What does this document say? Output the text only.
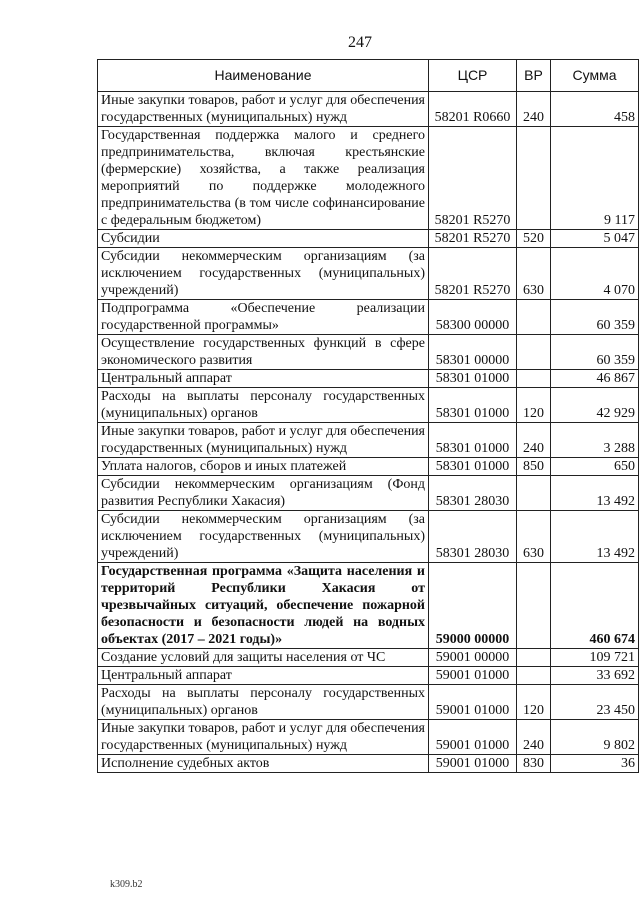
247
Наименование	ЦСР	ВР	Сумма
Иные закупки товаров, работ и услуг для обеспечения государственных (муниципальных) нужд	58201 R0660	240	458
Государственная поддержка малого и среднего предпринимательства, включая крестьянские (фермерские) хозяйства, а также реализация мероприятий по поддержке молодежного предпринимательства (в том числе софинансирование с федеральным бюджетом)	58201 R5270		9 117
Субсидии	58201 R5270	520	5 047
Субсидии некоммерческим организациям (за исключением государственных (муниципальных) учреждений)	58201 R5270	630	4 070
Подпрограмма «Обеспечение реализации государственной программы»	58300 00000		60 359
Осуществление государственных функций в сфере экономического развития	58301 00000		60 359
Центральный аппарат	58301 01000		46 867
Расходы на выплаты персоналу государственных (муниципальных) органов	58301 01000	120	42 929
Иные закупки товаров, работ и услуг для обеспечения государственных (муниципальных) нужд	58301 01000	240	3 288
Уплата налогов, сборов и иных платежей	58301 01000	850	650
Субсидии некоммерческим организациям (Фонд развития Республики Хакасия)	58301 28030		13 492
Субсидии некоммерческим организациям (за исключением государственных (муниципальных) учреждений)	58301 28030	630	13 492
Государственная программа «Защита населения и территорий Республики Хакасия от чрезвычайных ситуаций, обеспечение пожарной безопасности и безопасности людей на водных объектах (2017 – 2021 годы)»	59000 00000		460 674
Создание условий для защиты населения от ЧС	59001 00000		109 721
Центральный аппарат	59001 01000		33 692
Расходы на выплаты персоналу государственных (муниципальных) органов	59001 01000	120	23 450
Иные закупки товаров, работ и услуг для обеспечения государственных (муниципальных) нужд	59001 01000	240	9 802
Исполнение судебных актов	59001 01000	830	36
k309.b2
